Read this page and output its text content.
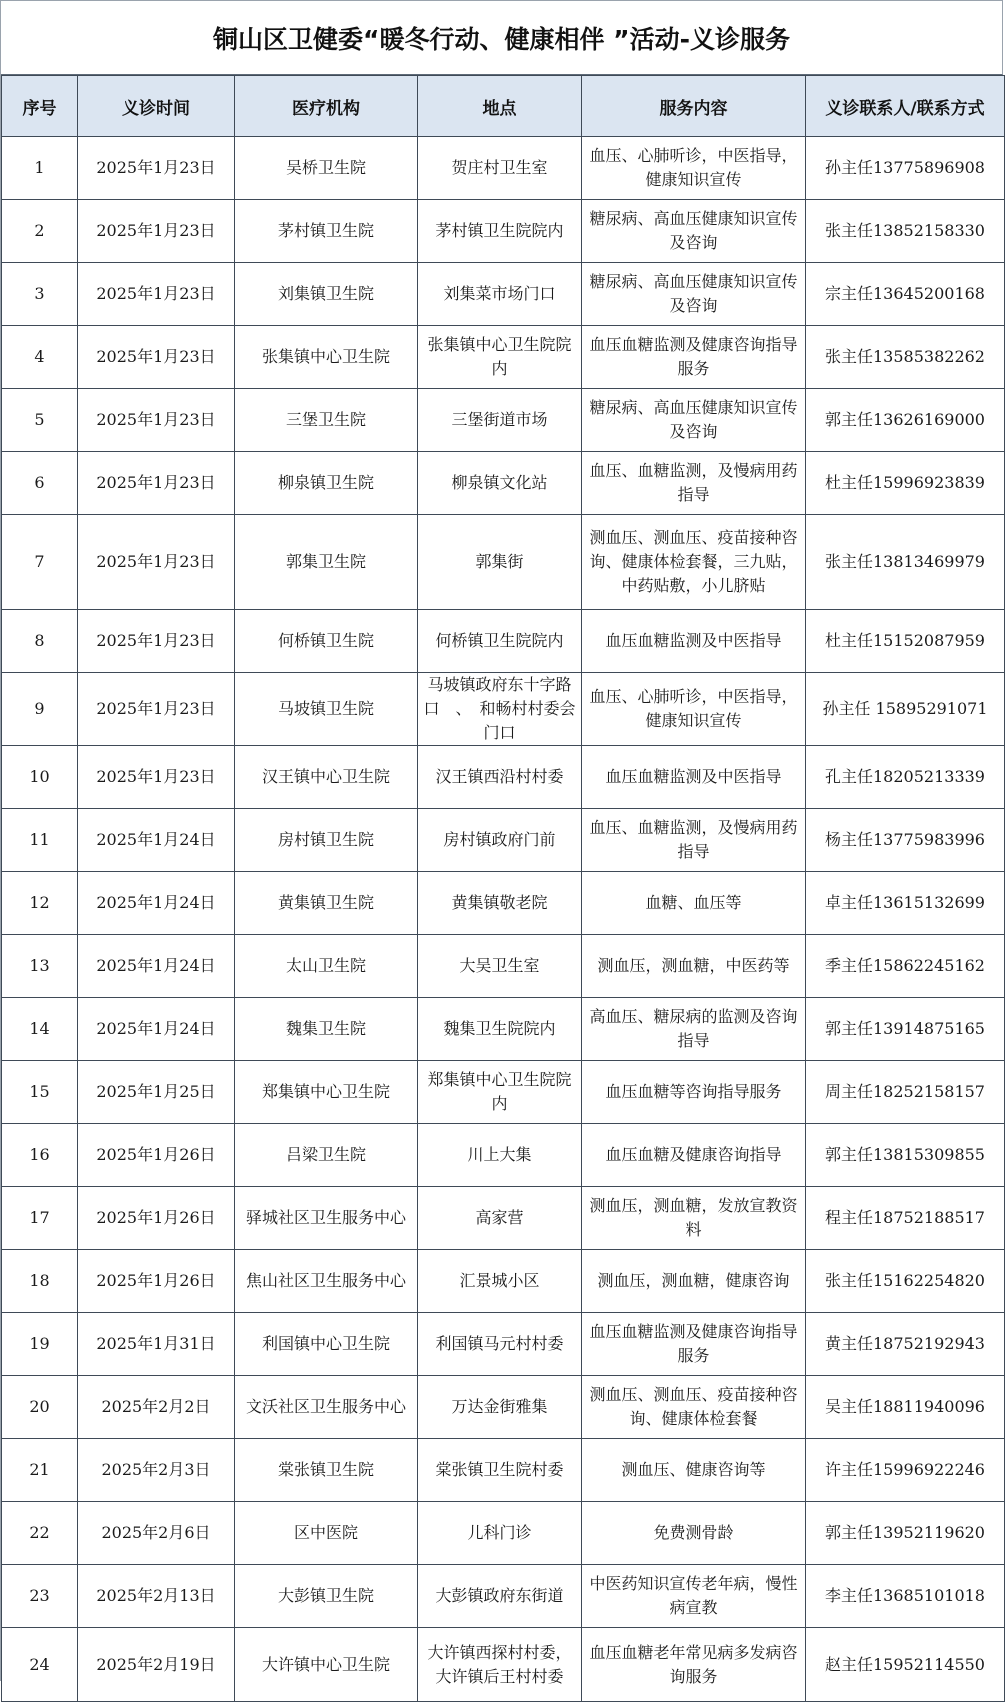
铜山区卫健委“暖冬行动、健康相伴 ”活动-义诊服务
序号	义诊时间	医疗机构	地点	服务内容	义诊联系人/联系方式
1	2025年1月23日	吴桥卫生院	贺庄村卫生室	血压、心肺听诊，中医指导，健康知识宣传	孙主任13775896908
2	2025年1月23日	茅村镇卫生院	茅村镇卫生院院内	糖尿病、高血压健康知识宣传及咨询	张主任13852158330
3	2025年1月23日	刘集镇卫生院	刘集菜市场门口	糖尿病、高血压健康知识宣传及咨询	宗主任13645200168
4	2025年1月23日	张集镇中心卫生院	张集镇中心卫生院院内	血压血糖监测及健康咨询指导服务	张主任13585382262
5	2025年1月23日	三堡卫生院	三堡街道市场	糖尿病、高血压健康知识宣传及咨询	郭主任13626169000
6	2025年1月23日	柳泉镇卫生院	柳泉镇文化站	血压、血糖监测，及慢病用药指导	杜主任15996923839
7	2025年1月23日	郭集卫生院	郭集街	测血压、测血压、疫苗接种咨询、健康体检套餐，三九贴，中药贴敷，小儿脐贴	张主任13813469979
8	2025年1月23日	何桥镇卫生院	何桥镇卫生院院内	血压血糖监测及中医指导	杜主任15152087959
9	2025年1月23日	马坡镇卫生院	马坡镇政府东十字路口　、　和畅村村委会门口	血压、心肺听诊，中医指导，健康知识宣传	孙主任 15895291071
10	2025年1月23日	汉王镇中心卫生院	汉王镇西沿村村委	血压血糖监测及中医指导	孔主任18205213339
11	2025年1月24日	房村镇卫生院	房村镇政府门前	血压、血糖监测，及慢病用药指导	杨主任13775983996
12	2025年1月24日	黄集镇卫生院	黄集镇敬老院	血糖、血压等	卓主任13615132699
13	2025年1月24日	太山卫生院	大吴卫生室	测血压，测血糖，中医药等	季主任15862245162
14	2025年1月24日	魏集卫生院	魏集卫生院院内	高血压、糖尿病的监测及咨询指导	郭主任13914875165
15	2025年1月25日	郑集镇中心卫生院	郑集镇中心卫生院院内	血压血糖等咨询指导服务	周主任18252158157
16	2025年1月26日	吕梁卫生院	川上大集	血压血糖及健康咨询指导	郭主任13815309855
17	2025年1月26日	驿城社区卫生服务中心	高家营	测血压，测血糖，发放宣教资料	程主任18752188517
18	2025年1月26日	焦山社区卫生服务中心	汇景城小区	测血压，测血糖，健康咨询	张主任15162254820
19	2025年1月31日	利国镇中心卫生院	利国镇马元村村委	血压血糖监测及健康咨询指导服务	黄主任18752192943
20	2025年2月2日	文沃社区卫生服务中心	万达金街雅集	测血压、测血压、疫苗接种咨询、健康体检套餐	吴主任18811940096
21	2025年2月3日	棠张镇卫生院	棠张镇卫生院村委	测血压、健康咨询等	许主任15996922246
22	2025年2月6日	区中医院	儿科门诊	免费测骨龄	郭主任13952119620
23	2025年2月13日	大彭镇卫生院	大彭镇政府东街道	中医药知识宣传老年病，慢性病宣教	李主任13685101018
24	2025年2月19日	大许镇中心卫生院	大许镇西探村村委，大许镇后王村村委	血压血糖老年常见病多发病咨询服务	赵主任15952114550
